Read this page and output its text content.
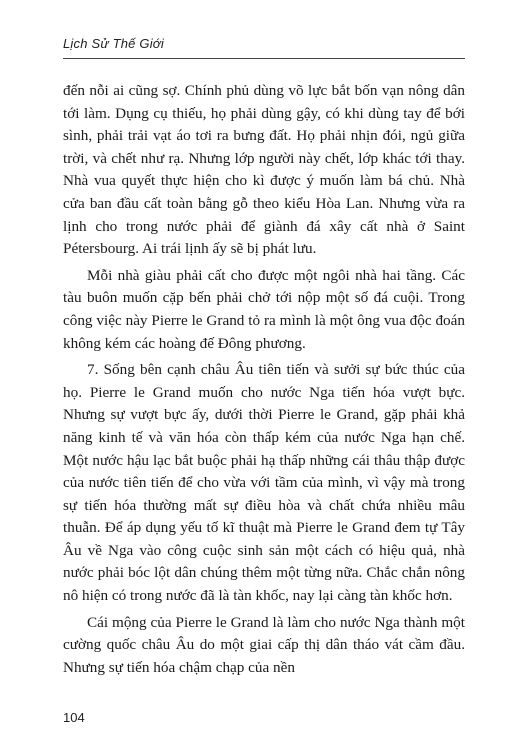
Lịch Sử Thế Giới

đến nỗi ai cũng sợ. Chính phủ dùng võ lực bắt bốn vạn nông dân tới làm. Dụng cụ thiếu, họ phải dùng gậy, có khi dùng tay để bới sình, phải trải vạt áo tơi ra bưng đất. Họ phải nhịn đói, ngủ giữa trời, và chết như rạ. Nhưng lớp người này chết, lớp khác tới thay. Nhà vua quyết thực hiện cho kì được ý muốn làm bá chủ. Nhà cửa ban đầu cất toàn bằng gỗ theo kiểu Hòa Lan. Nhưng vừa ra lịnh cho trong nước phải để giành đá xây cất nhà ở Saint Pétersbourg. Ai trái lịnh ấy sẽ bị phát lưu.

Mỗi nhà giàu phải cất cho được một ngôi nhà hai tầng. Các tàu buôn muốn cặp bến phải chở tới nộp một số đá cuội. Trong công việc này Pierre le Grand tỏ ra mình là một ông vua độc đoán không kém các hoàng đế Đông phương.

7. Sống bên cạnh châu Âu tiên tiến và sưởi sự bức thúc của họ. Pierre le Grand muốn cho nước Nga tiến hóa vượt bực. Nhưng sự vượt bực ấy, dưới thời Pierre le Grand, gặp phải khả năng kinh tế và văn hóa còn thấp kém của nước Nga hạn chế. Một nước hậu lạc bắt buộc phải hạ thấp những cái thâu thập được của nước tiên tiến để cho vừa với tầm của mình, vì vậy mà trong sự tiến hóa thường mất sự điều hòa và chất chứa nhiều mâu thuẫn. Để áp dụng yếu tố kĩ thuật mà Pierre le Grand đem tự Tây Âu về Nga vào công cuộc sinh sản một cách có hiệu quả, nhà nước phải bóc lột dân chúng thêm một từng nữa. Chắc chắn nông nô hiện có trong nước đã là tàn khốc, nay lại càng tàn khốc hơn.

Cái mộng của Pierre le Grand là làm cho nước Nga thành một cường quốc châu Âu do một giai cấp thị dân tháo vát cầm đầu. Nhưng sự tiến hóa chậm chạp của nền

104
